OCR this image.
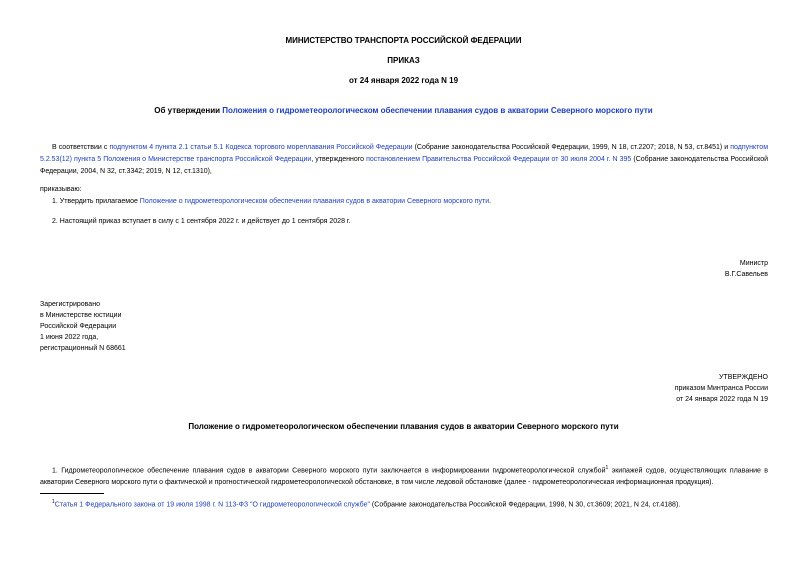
МИНИСТЕРСТВО ТРАНСПОРТА РОССИЙСКОЙ ФЕДЕРАЦИИ
ПРИКАЗ
от 24 января 2022 года N 19
Об утверждении Положения о гидрометеорологическом обеспечении плавания судов в акватории Северного морского пути
В соответствии с подпунктом 4 пункта 2.1 статьи 5.1 Кодекса торгового мореплавания Российской Федерации (Собрание законодательства Российской Федерации, 1999, N 18, ст.2207; 2018, N 53, ст.8451) и подпунктом 5.2.53(12) пункта 5 Положения о Министерстве транспорта Российской Федерации, утвержденного постановлением Правительства Российской Федерации от 30 июля 2004 г. N 395 (Собрание законодательства Российской Федерации, 2004, N 32, ст.3342; 2019, N 12, ст.1310),
приказываю:
1. Утвердить прилагаемое Положение о гидрометеорологическом обеспечении плавания судов в акватории Северного морского пути.
2. Настоящий приказ вступает в силу с 1 сентября 2022 г. и действует до 1 сентября 2028 г.
Министр
В.Г.Савельев
Зарегистрировано
в Министерстве юстиции
Российской Федерации
1 июня 2022 года,
регистрационный N 68661
УТВЕРЖДЕНО
приказом Минтранса России
от 24 января 2022 года N 19
Положение о гидрометеорологическом обеспечении плавания судов в акватории Северного морского пути
1. Гидрометеорологическое обеспечение плавания судов в акватории Северного морского пути заключается в информировании гидрометеорологической службой$^1$ экипажей судов, осуществляющих плавание в акватории Северного морского пути о фактической и прогностической гидрометеорологической обстановке, в том числе ледовой обстановке (далее - гидрометеорологическая информационная продукция).
$^1$Статья 1 Федерального закона от 19 июля 1998 г. N 113-ФЗ "О гидрометеорологической службе" (Собрание законодательства Российской Федерации, 1998, N 30, ст.3609; 2021, N 24, ст.4188).
